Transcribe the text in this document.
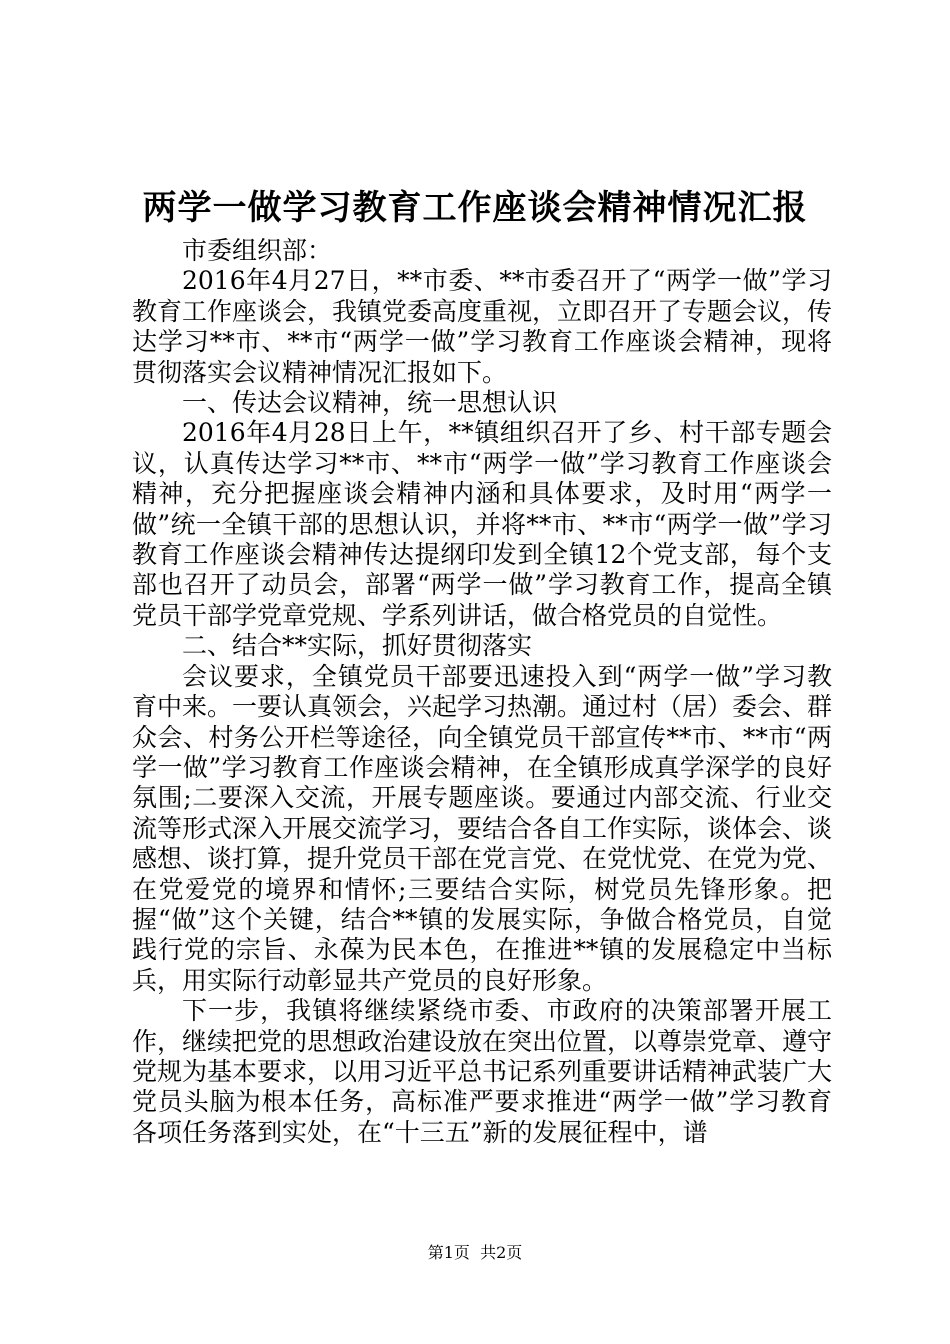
两学一做学习教育工作座谈会精神情况汇报

市委组织部：

2016年4月27日，**市委、**市委召开了“两学一做”学习教育工作座谈会，我镇党委高度重视，立即召开了专题会议，传达学习**市、**市“两学一做”学习教育工作座谈会精神，现将贯彻落实会议精神情况汇报如下。

一、传达会议精神，统一思想认识

2016年4月28日上午，**镇组织召开了乡、村干部专题会议，认真传达学习**市、**市“两学一做”学习教育工作座谈会精神，充分把握座谈会精神内涵和具体要求，及时用“两学一做”统一全镇干部的思想认识，并将**市、**市“两学一做”学习教育工作座谈会精神传达提纲印发到全镇12个党支部，每个支部也召开了动员会，部署“两学一做”学习教育工作，提高全镇党员干部学党章党规、学系列讲话，做合格党员的自觉性。

二、结合**实际，抓好贯彻落实

会议要求，全镇党员干部要迅速投入到“两学一做”学习教育中来。一要认真领会，兴起学习热潮。通过村（居）委会、群众会、村务公开栏等途径，向全镇党员干部宣传**市、**市“两学一做”学习教育工作座谈会精神，在全镇形成真学深学的良好氛围;二要深入交流，开展专题座谈。要通过内部交流、行业交流等形式深入开展交流学习，要结合各自工作实际，谈体会、谈感想、谈打算，提升党员干部在党言党、在党忧党、在党为党、在党爱党的境界和情怀;三要结合实际，树党员先锋形象。把握“做”这个关键，结合**镇的发展实际，争做合格党员，自觉践行党的宗旨、永葆为民本色，在推进**镇的发展稳定中当标兵，用实际行动彰显共产党员的良好形象。

下一步，我镇将继续紧绕市委、市政府的决策部署开展工作，继续把党的思想政治建设放在突出位置，以尊崇党章、遵守党规为基本要求，以用习近平总书记系列重要讲话精神武装广大党员头脑为根本任务，高标准严要求推进“两学一做”学习教育各项任务落到实处，在“十三五”新的发展征程中，谱

第1页 共2页
